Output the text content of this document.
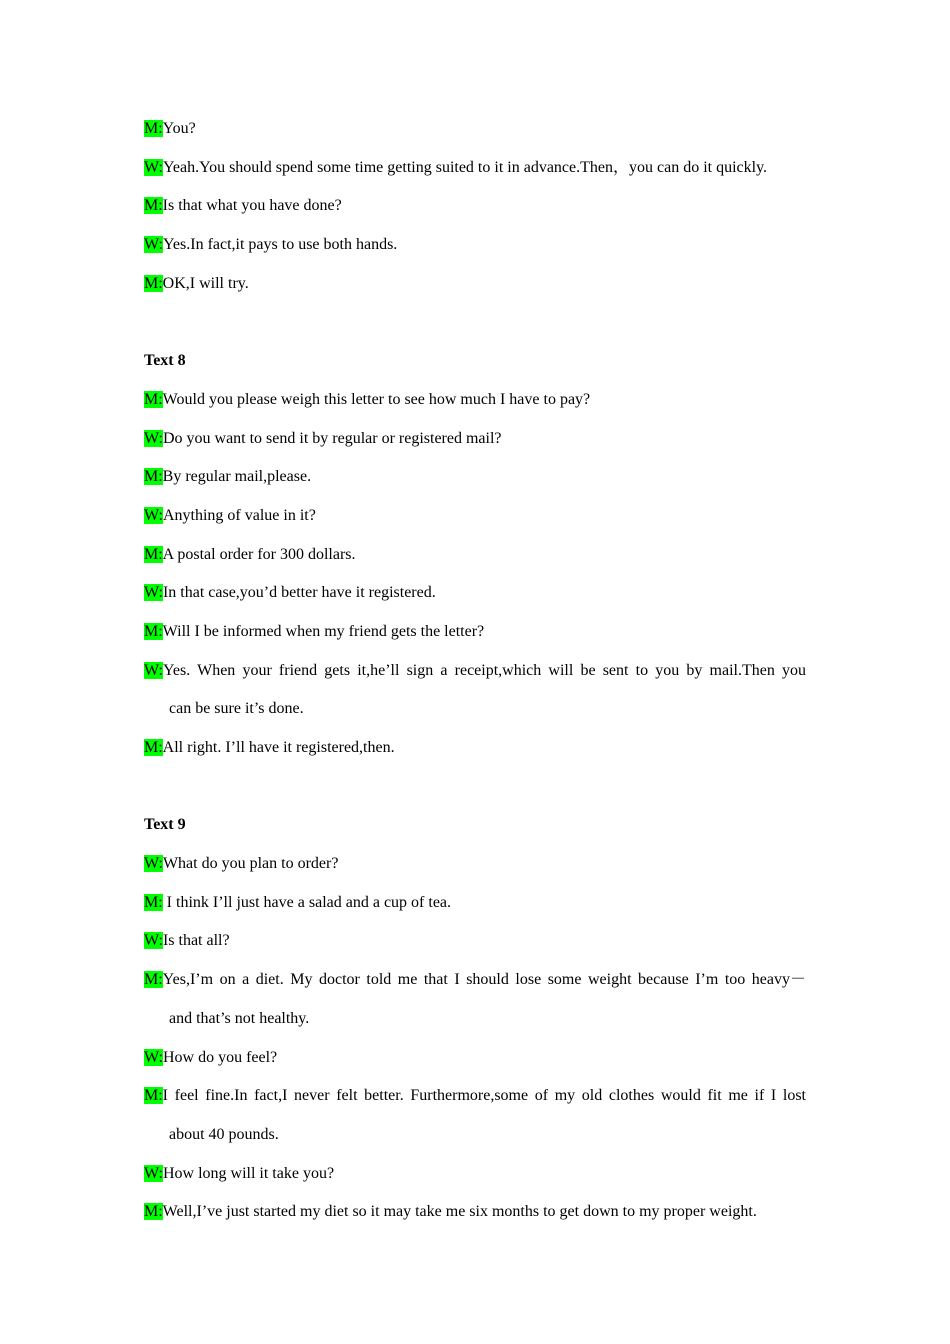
M:You?
W:Yeah.You should spend some time getting suited to it in advance.Then，you can do it quickly.
M:Is that what you have done?
W:Yes.In fact,it pays to use both hands.
M:OK,I will try.
Text 8
M:Would you please weigh this letter to see how much I have to pay?
W:Do you want to send it by regular or registered mail?
M:By regular mail,please.
W:Anything of value in it?
M:A postal order for 300 dollars.
W:In that case,you’d better have it registered.
M:Will I be informed when my friend gets the letter?
W:Yes. When your friend gets it,he’ll sign a receipt,which will be sent to you by mail.Then you
can be sure it’s done.
M:All right. I’ll have it registered,then.
Text 9
W:What do you plan to order?
M: I think I’ll just have a salad and a cup of tea.
W:Is that all?
M:Yes,I’m on a diet. My doctor told me that I should lose some weight because I’m too heavy－
and that’s not healthy.
W:How do you feel?
M:I feel fine.In fact,I never felt better. Furthermore,some of my old clothes would fit me if I lost
about 40 pounds.
W:How long will it take you?
M:Well,I’ve just started my diet so it may take me six months to get down to my proper weight.
